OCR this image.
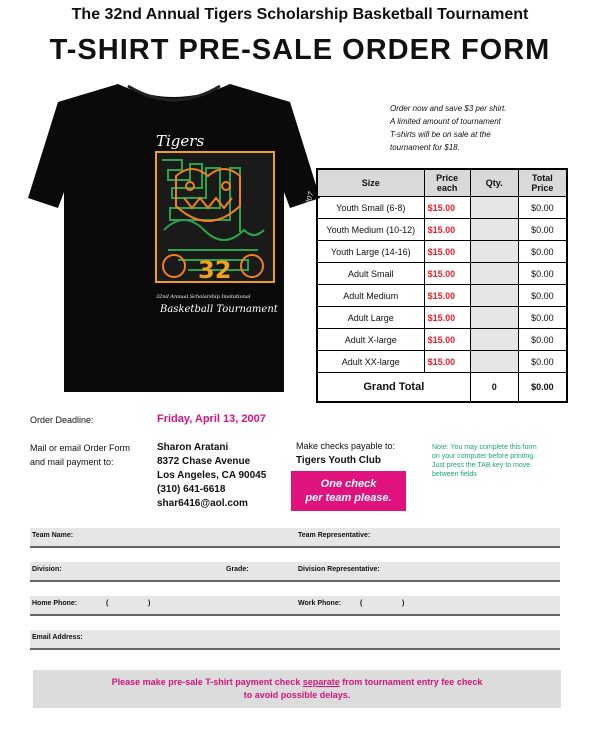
The 32nd Annual Tigers Scholarship Basketball Tournament
T-SHIRT PRE-SALE ORDER FORM
Tigers
32	May 25, 27, and 28, 2007
32nd Annual Scholarship Invitational
Basketball Tournament
Order now and save $3 per shirt.
A limited amount of tournament
T-shirts will be on sale at the
tournament for $18.
Size	Price each	Qty.	Total Price
Youth Small (6-8)	$15.00		$0.00
Youth Medium (10-12)	$15.00		$0.00
Youth Large (14-16)	$15.00		$0.00
Adult Small	$15.00		$0.00
Adult Medium	$15.00		$0.00
Adult Large	$15.00		$0.00
Adult X-large	$15.00		$0.00
Adult XX-large	$15.00		$0.00
Grand Total		0	$0.00
Order Deadline:	Friday, April 13, 2007
Mail or email Order Form
and mail payment to:
Sharon Aratani
8372 Chase Avenue
Los Angeles, CA 90045
(310) 641-6618
shar6416@aol.com
Make checks payable to:
Tigers Youth Club
One check
per team please.
Note: You may complete this form
on your computer before printing.
Just press the TAB key to move
between fields
Team Name:	Team Representative:
Division:	Grade:	Division Representative:
Home Phone:	(	)	Work Phone:	(	)
Email Address:
Please make pre-sale T-shirt payment check separate from tournament entry fee check
to avoid possible delays.
